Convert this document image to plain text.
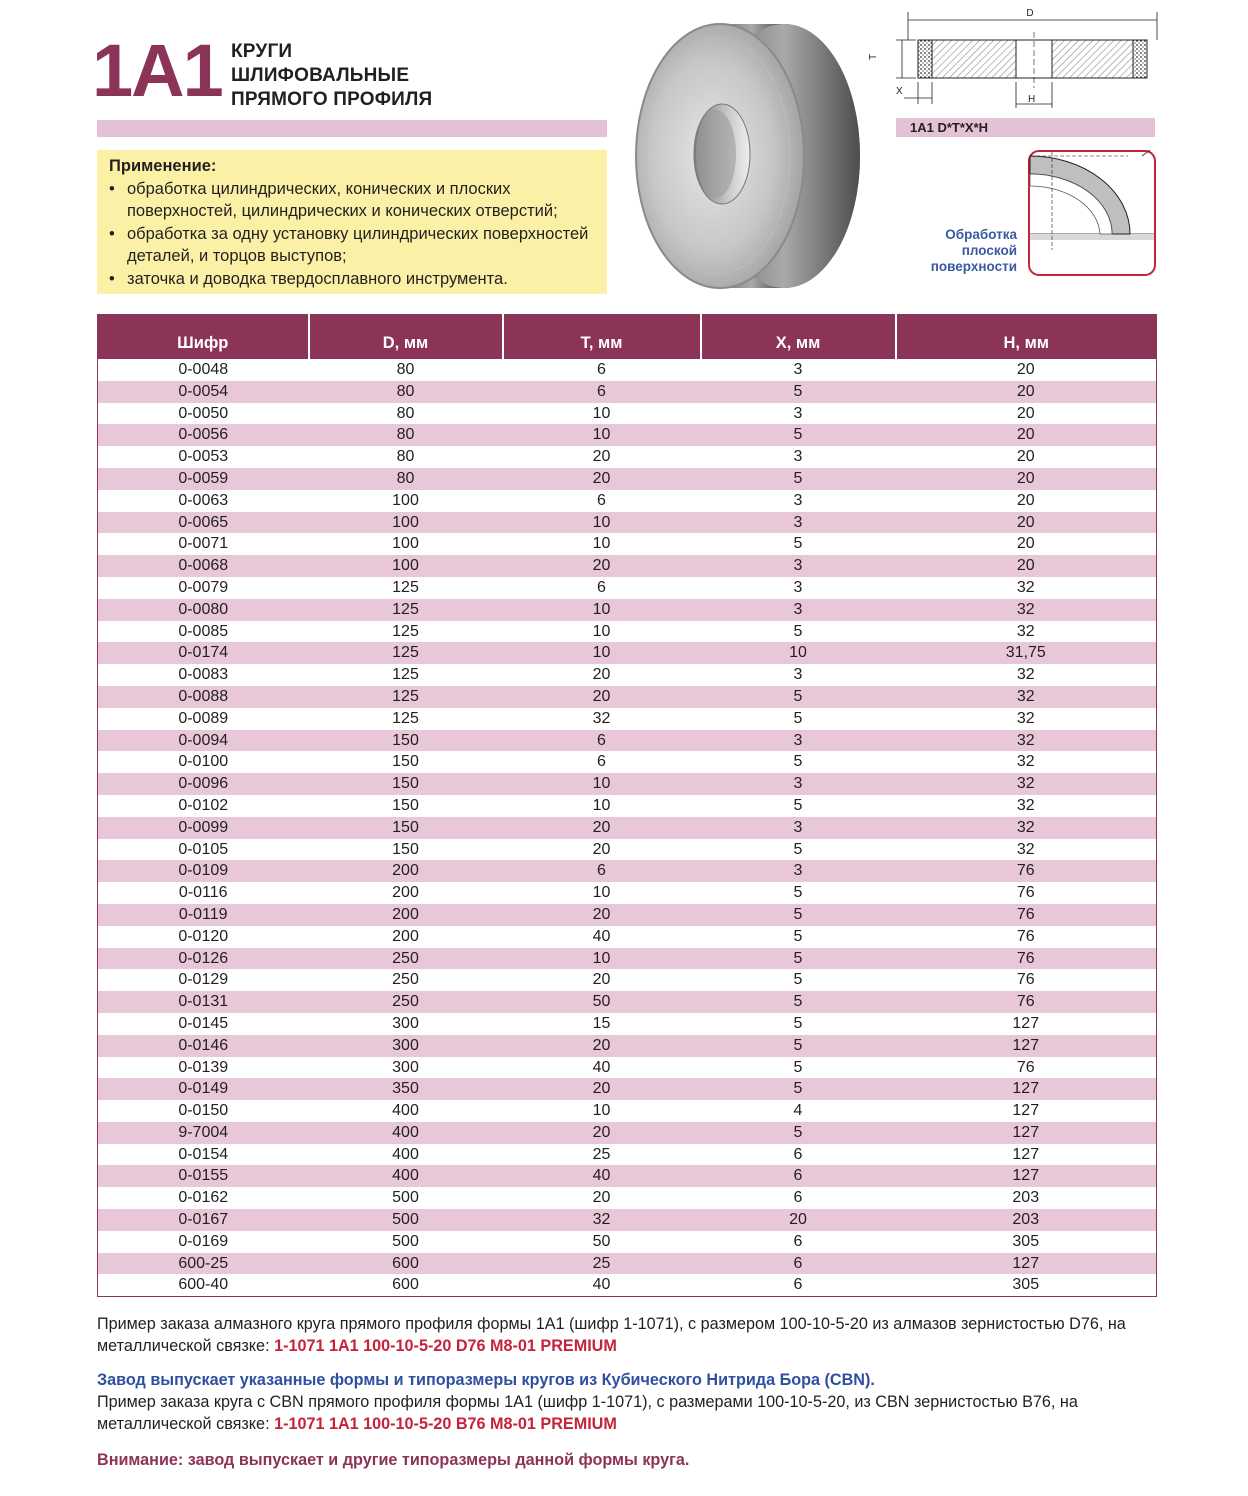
1A1 КРУГИ
ШЛИФОВАЛЬНЫЕ
ПРЯМОГО ПРОФИЛЯ
Применение:
• обработка цилиндрических, конических и плоских поверхностей, цилиндрических и конических отверстий;
• обработка за одну установку цилиндрических поверхностей деталей, и торцов выступов;
• заточка и доводка твердосплавного инструмента.
D
T
X
H
1A1 D*T*X*H
Обработка
плоской
поверхности
Шифр	D, мм	T, мм	X, мм	H, мм
0-0048	80	6	3	20
0-0054	80	6	5	20
0-0050	80	10	3	20
0-0056	80	10	5	20
0-0053	80	20	3	20
0-0059	80	20	5	20
0-0063	100	6	3	20
0-0065	100	10	3	20
0-0071	100	10	5	20
0-0068	100	20	3	20
0-0079	125	6	3	32
0-0080	125	10	3	32
0-0085	125	10	5	32
0-0174	125	10	10	31,75
0-0083	125	20	3	32
0-0088	125	20	5	32
0-0089	125	32	5	32
0-0094	150	6	3	32
0-0100	150	6	5	32
0-0096	150	10	3	32
0-0102	150	10	5	32
0-0099	150	20	3	32
0-0105	150	20	5	32
0-0109	200	6	3	76
0-0116	200	10	5	76
0-0119	200	20	5	76
0-0120	200	40	5	76
0-0126	250	10	5	76
0-0129	250	20	5	76
0-0131	250	50	5	76
0-0145	300	15	5	127
0-0146	300	20	5	127
0-0139	300	40	5	76
0-0149	350	20	5	127
0-0150	400	10	4	127
9-7004	400	20	5	127
0-0154	400	25	6	127
0-0155	400	40	6	127
0-0162	500	20	6	203
0-0167	500	32	20	203
0-0169	500	50	6	305
600-25	600	25	6	127
600-40	600	40	6	305

Пример заказа алмазного круга прямого профиля формы 1А1 (шифр 1-1071), с размером 100-10-5-20 из алмазов зернистостью D76, на металлической связке: 1-1071 1А1 100-10-5-20 D76 М8-01 PREMIUM

Завод выпускает указанные формы и типоразмеры кругов из Кубического Нитрида Бора (CBN).

Пример заказа круга с CBN прямого профиля формы 1А1 (шифр 1-1071), с размерами 100-10-5-20, из CBN зернистостью B76, на металлической связке: 1-1071 1А1 100-10-5-20 B76 М8-01 PREMIUM

Внимание: завод выпускает и другие типоразмеры данной формы круга.
